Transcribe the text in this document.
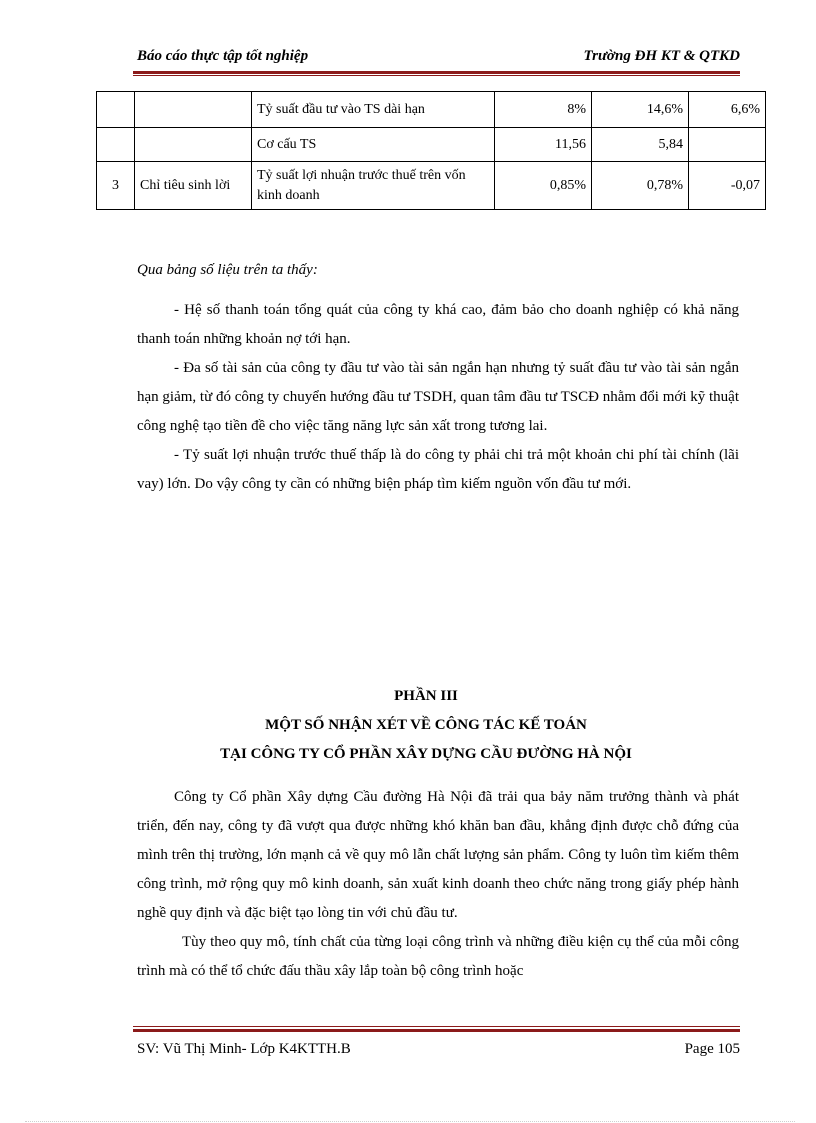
Báo cáo thực tập tốt nghiệp	Trường ĐH KT & QTKD
		Tỷ suất đầu tư vào TS dài hạn	8%	14,6%	6,6%
		Cơ cấu TS	11,56	5,84	
3	Chỉ tiêu sinh lời	Tỷ suất lợi nhuận trước thuế trên vốn kinh doanh	0,85%	0,78%	-0,07
Qua bảng số liệu trên ta thấy:

- Hệ số thanh toán tổng quát của công ty khá cao, đảm bảo cho doanh nghiệp có khả năng thanh toán những khoản nợ tới hạn.

- Đa số tài sản của công ty đầu tư vào tài sản ngắn hạn nhưng tỷ suất đầu tư vào tài sản ngắn hạn giảm, từ đó công ty chuyển hướng đầu tư TSDH, quan tâm đầu tư TSCĐ nhằm đổi mới kỹ thuật công nghệ tạo tiền đề cho việc tăng năng lực sản xất trong tương lai.

- Tỷ suất lợi nhuận trước thuế thấp là do công ty phải chi trả một khoản chi phí tài chính (lãi vay) lớn. Do vậy công ty cần có những biện pháp tìm kiếm nguồn vốn đầu tư mới.

PHẦN III
MỘT SỐ NHẬN XÉT VỀ CÔNG TÁC KẾ TOÁN
TẠI CÔNG TY CỔ PHẦN XÂY DỰNG CẦU ĐƯỜNG HÀ NỘI

Công ty Cổ phần Xây dựng Cầu đường Hà Nội đã trải qua bảy năm trưởng thành và phát triển, đến nay, công ty đã vượt qua được những khó khăn ban đầu, khẳng định được chỗ đứng của mình trên thị trường, lớn mạnh cả về quy mô lẫn chất lượng sản phẩm. Công ty luôn tìm kiếm thêm công trình, mở rộng quy mô kinh doanh, sản xuất kinh doanh theo chức năng trong giấy phép hành nghề quy định và đặc biệt tạo lòng tin với chủ đầu tư.

Tùy theo quy mô, tính chất của từng loại công trình và những điều kiện cụ thể của mỗi công trình mà có thể tổ chức đấu thầu xây lắp toàn bộ công trình hoặc

SV: Vũ Thị Minh- Lớp K4KTTH.B	Page 105
